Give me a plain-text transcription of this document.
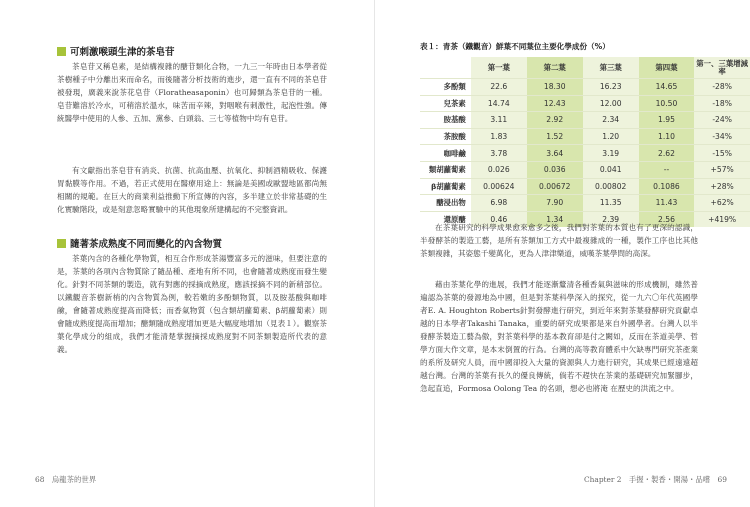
可刺激喉頭生津的茶皂苷

茶皂苷又稱皂素，是結構複雜的醣苷類化合物，一九三一年時由日本學者從茶樹種子中分離出來而命名，而後隨著分析技術的進步，還一直有不同的茶皂苷被發現，廣義來說茶花皂苷（Floratheasaponin）也可歸類為茶皂苷的一種。皂苷難溶於冷水，可稍溶於溫水，味苦而辛辣，對咽喉有刺激性，起泡性強。傳統醫學中使用的人參、五加、黨參、白頭翁、三七等植物中均有皂苷。

有文獻指出茶皂苷有消炎、抗菌、抗高血壓、抗氧化、抑制酒精吸收、保護胃黏膜等作用。不過，若正式使用在醫療用途上：無論是美國或歐盟地區都尚無相關的規範。在巨大的商業利益推動下所宣傳的內容，多半建立於非常基礎的生化實驗階段，或是刻意忽略實驗中的其他現象所建構起的不完整資訊。

隨著茶成熟度不同而變化的內含物質

茶葉內含的各種化學物質，相互合作形成茶湯豐富多元的滋味，但要注意的是，茶葉的各項內含物質除了隨品種、產地有所不同，也會隨著成熟度而發生變化。針對不同茶類的製造，就有對應的採摘成熟度，應該採摘不同的新稍部位。以鐵觀音茶樹新梢的內含物質為例，較若嫩的多酚類物質，以及胺基酸與咖啡鹼，會隨著成熟度提高而降低；而香氣物質（包含類胡蘿蔔素、β胡蘿蔔素）則會隨成熟度提高而增加；醣類隨成熟度增加更是大幅度地增加（見表１）。觀察茶葉化學成分的組成，我們才能清楚掌握摘採成熟度對不同茶類製造所代表的意義。

68　烏龍茶的世界
表１：青茶（鐵觀音）鮮葉不同葉位主要化學成份（%）
	第一葉	第二葉	第三葉	第四葉	第一、三葉增減率
多酚類	22.6	18.30	16.23	14.65	-28%
兒茶素	14.74	12.43	12.00	10.50	-18%
胺基酸	3.11	2.92	2.34	1.95	-24%
茶胺酸	1.83	1.52	1.20	1.10	-34%
咖啡鹼	3.78	3.64	3.19	2.62	-15%
類胡蘿蔔素	0.026	0.036	0.041	--	+57%
β胡蘿蔔素	0.00624	0.00672	0.00802	0.1086	+28%
醣浸出物	6.98	7.90	11.35	11.43	+62%
還原醣	0.46	1.34	2.39	2.56	+419%

在茶葉研究的科學成果愈來愈多之後，我們對茶葉的本質也有了更深的認識，半發酵茶的製造工藝，是所有茶類加工方式中最複雜成的一種，製作工序也比其他茶類複雜，其姿態千變萬化，更為人津津樂道，威嘆茶葉學問的高深。

藉由茶葉化學的進展，我們才能逐漸釐清各種香氣與滋味的形成機制，雖然普遍認為茶葉的發源地為中國，但是對茶葉科學深入的探究，從一九六〇年代英國學者E. A. Houghton Roberts針對發酵進行研究，到近年來對茶葉發酵研究貢獻卓越的日本學者Takashi Tanaka，重要的研究成果都是來自外國學者。台灣人以半發酵茶製造工藝為傲，對茶葉科學的基本教育卻是付之闕如，反而在茶道美學、哲學方面大作文章，是本末倒置的行為。台灣的高等教育體系中欠缺專門研究茶產業的系所及研究人員，而中國卻投入大量的資源與人力進行研究，其成果已經遠遠超越台灣。台灣的茶葉有長久的優良傳統，倘若不趕快在茶業的基礎研究加緊腳步，急起直追，Formosa Oolong Tea 的名頭，想必也將淹 在歷史的洪流之中。

Chapter 2　手握・製香・開湯・品嚐　69
